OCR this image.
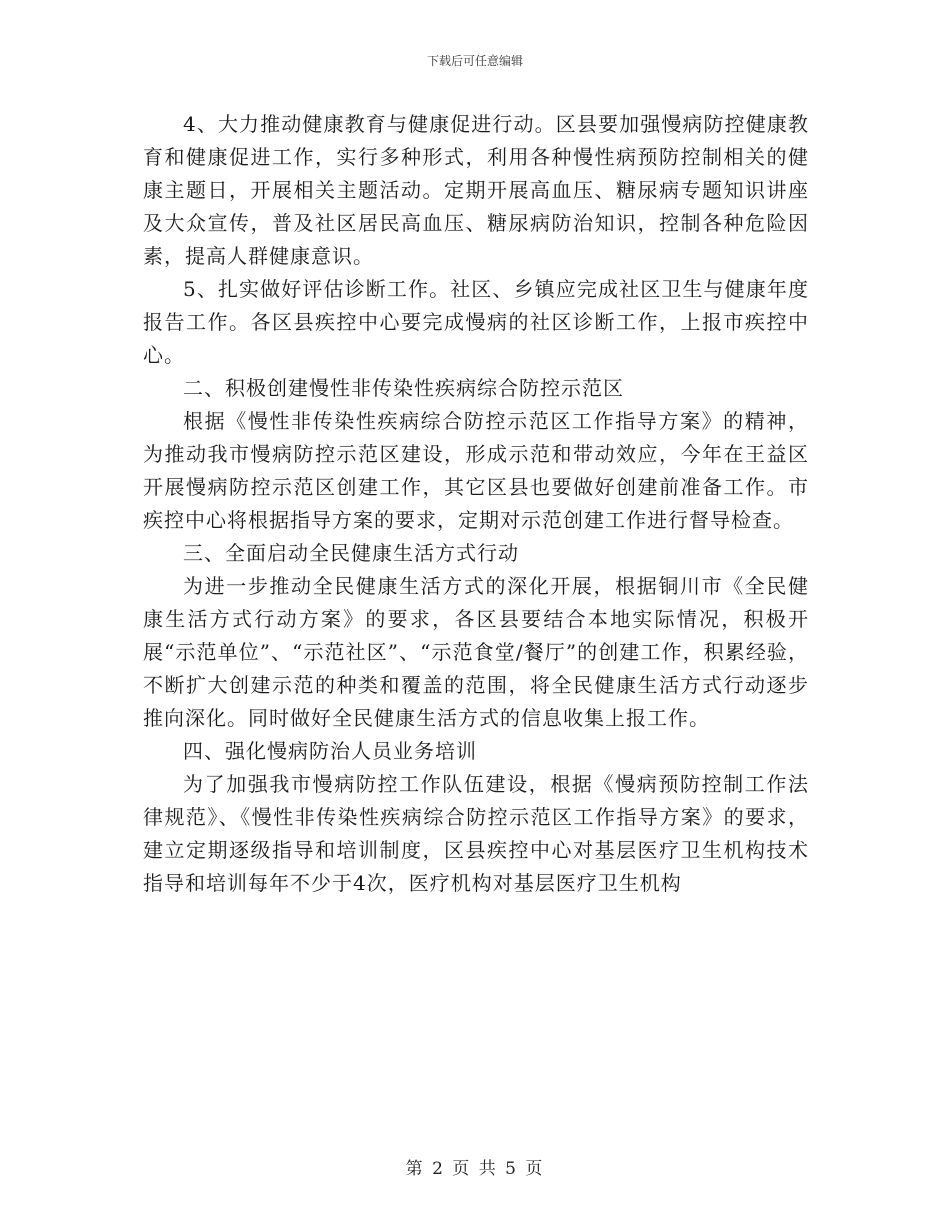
下载后可任意编辑

4、大力推动健康教育与健康促进行动。区县要加强慢病防控健康教育和健康促进工作，实行多种形式，利用各种慢性病预防控制相关的健康主题日，开展相关主题活动。定期开展高血压、糖尿病专题知识讲座及大众宣传，普及社区居民高血压、糖尿病防治知识，控制各种危险因素，提高人群健康意识。

5、扎实做好评估诊断工作。社区、乡镇应完成社区卫生与健康年度报告工作。各区县疾控中心要完成慢病的社区诊断工作，上报市疾控中心。

二、积极创建慢性非传染性疾病综合防控示范区

根据《慢性非传染性疾病综合防控示范区工作指导方案》的精神，为推动我市慢病防控示范区建设，形成示范和带动效应，今年在王益区开展慢病防控示范区创建工作，其它区县也要做好创建前准备工作。市疾控中心将根据指导方案的要求，定期对示范创建工作进行督导检查。

三、全面启动全民健康生活方式行动

为进一步推动全民健康生活方式的深化开展，根据铜川市《全民健康生活方式行动方案》的要求，各区县要结合本地实际情况，积极开展“示范单位”、“示范社区”、“示范食堂/餐厅”的创建工作，积累经验，不断扩大创建示范的种类和覆盖的范围，将全民健康生活方式行动逐步推向深化。同时做好全民健康生活方式的信息收集上报工作。

四、强化慢病防治人员业务培训

为了加强我市慢病防控工作队伍建设，根据《慢病预防控制工作法律规范》、《慢性非传染性疾病综合防控示范区工作指导方案》的要求，建立定期逐级指导和培训制度，区县疾控中心对基层医疗卫生机构技术指导和培训每年不少于4次，医疗机构对基层医疗卫生机构

第 2 页 共 5 页
